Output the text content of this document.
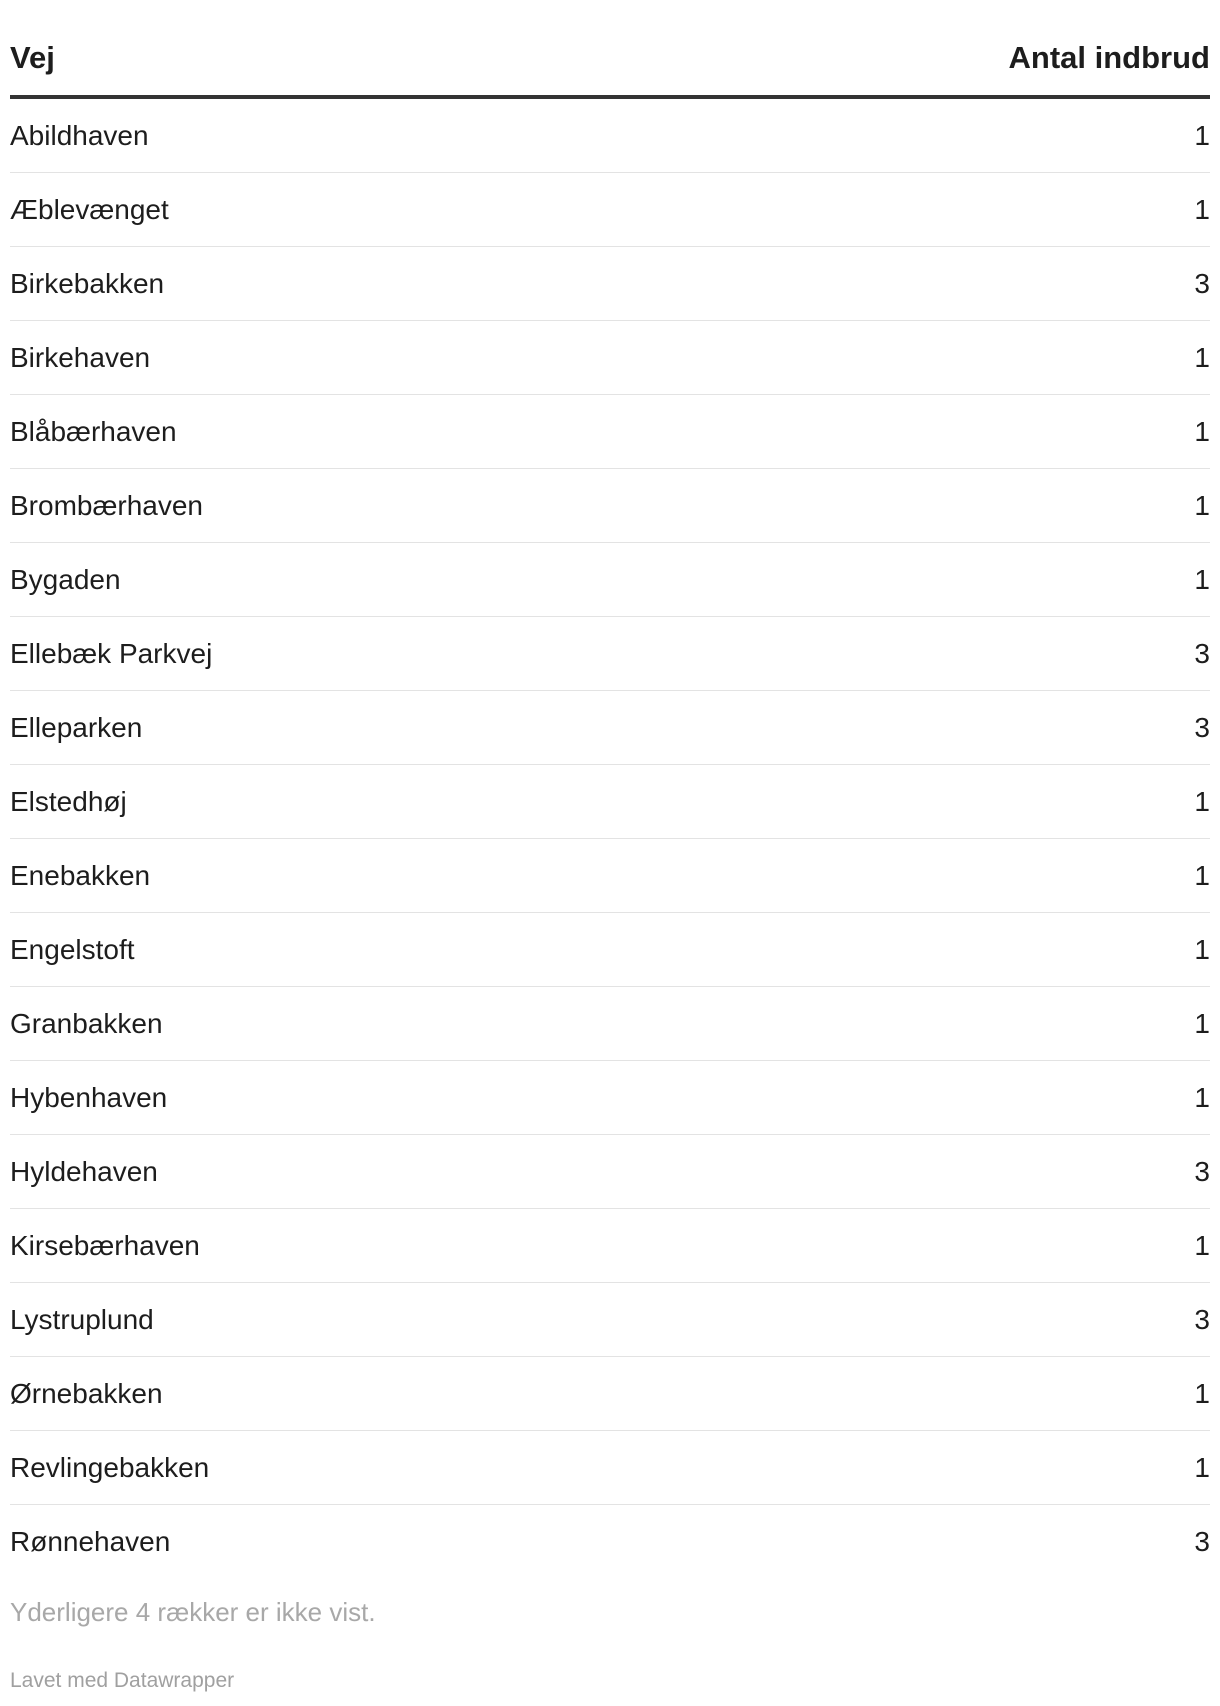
Vej	Antal indbrud
Abildhaven	1
Æblevænget	1
Birkebakken	3
Birkehaven	1
Blåbærhaven	1
Brombærhaven	1
Bygaden	1
Ellebæk Parkvej	3
Elleparken	3
Elstedhøj	1
Enebakken	1
Engelstoft	1
Granbakken	1
Hybenhaven	1
Hyldehaven	3
Kirsebærhaven	1
Lystruplund	3
Ørnebakken	1
Revlingebakken	1
Rønnehaven	3
Yderligere 4 rækker er ikke vist.
Lavet med Datawrapper
